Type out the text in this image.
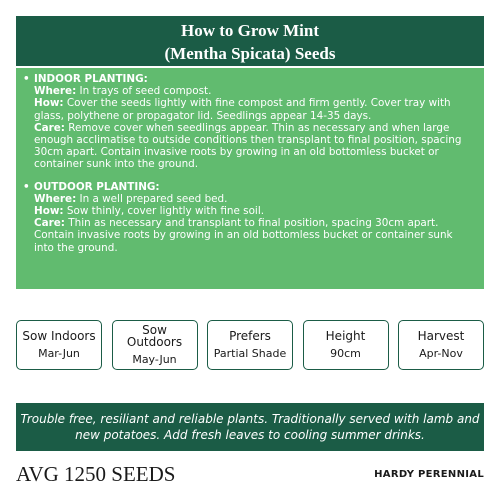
How to Grow Mint
(Mentha Spicata) Seeds
• INDOOR PLANTING:
Where: In trays of seed compost.
How: Cover the seeds lightly with fine compost and firm gently. Cover tray with glass, polythene or propagator lid. Seedlings appear 14-35 days.
Care: Remove cover when seedlings appear. Thin as necessary and when large enough acclimatise to outside conditions then transplant to final position, spacing 30cm apart. Contain invasive roots by growing in an old bottomless bucket or container sunk into the ground.
• OUTDOOR PLANTING:
Where: In a well prepared seed bed.
How: Sow thinly, cover lightly with fine soil.
Care: Thin as necessary and transplant to final position, spacing 30cm apart. Contain invasive roots by growing in an old bottomless bucket or container sunk into the ground.
Sow Indoors
Mar-Jun
Sow
Outdoors
May-Jun
Prefers
Partial Shade
Height
90cm
Harvest
Apr-Nov
Trouble free, resiliant and reliable plants. Traditionally served with lamb and new potatoes. Add fresh leaves to cooling summer drinks.
AVG 1250 SEEDS	HARDY PERENNIAL
